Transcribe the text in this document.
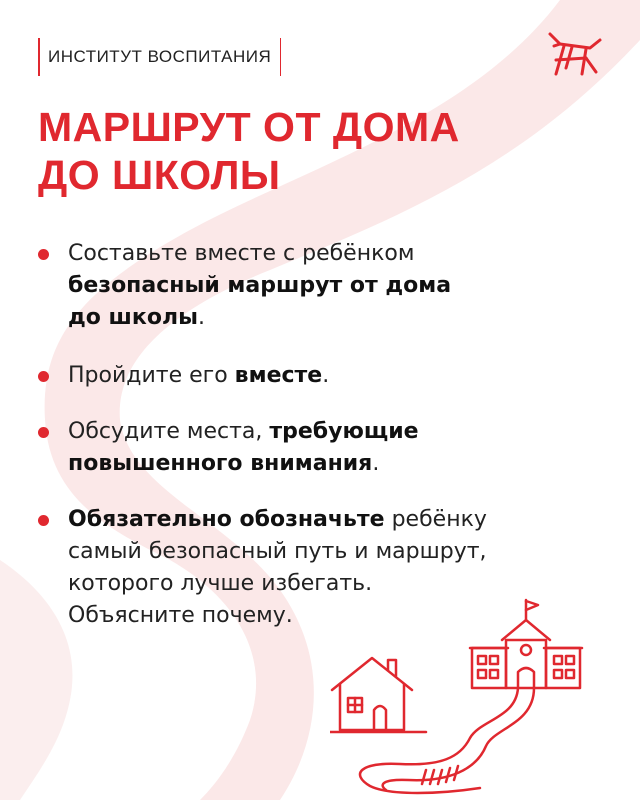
ИНСТИТУТ ВОСПИТАНИЯ
МАРШРУТ ОТ ДОМА
ДО ШКОЛЫ

Составьте вместе с ребёнком
безопасный маршрут от дома
до школы.

Пройдите его вместе.

Обсудите места, требующие
повышенного внимания.

Обязательно обозначьте ребёнку
самый безопасный путь и маршрут,
которого лучше избегать.
Объясните почему.
